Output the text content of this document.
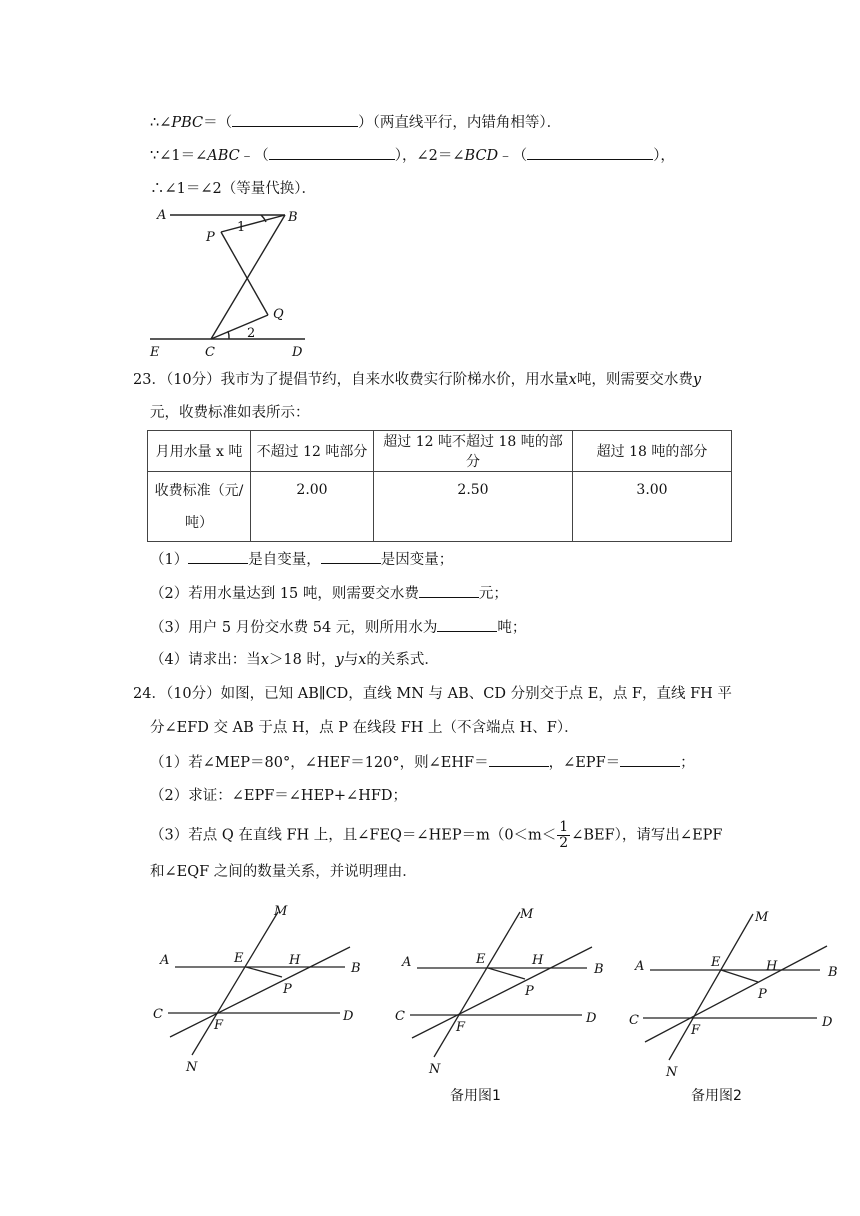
∴∠PBC＝（	）（两直线平行，内错角相等）．
∵∠1＝∠ABC﹣（	），∠2＝∠BCD﹣（	），
∴∠1＝∠2（等量代换）．
A	B
P
1
Q
2
E	C	D
23．（10分）我市为了提倡节约，自来水收费实行阶梯水价，用水量x吨，则需要交水费y
元，收费标准如表所示：
月用水量 x 吨	不超过 12 吨部分	超过 12 吨不超过 18 吨的部分	超过 18 吨的部分

收费标准（元/
吨）	2.00	2.50	3.00
（1）	是自变量，	是因变量；
（2）若用水量达到 15 吨，则需要交水费	元；
（3）用户 5 月份交水费 54 元，则所用水为	吨；
（4）请求出：当x＞18 时，y与x的关系式．
24．（10分）如图，已知 AB∥CD，直线 MN 与 AB、CD 分别交于点 E，点 F，直线 FH 平
分∠EFD 交 AB 于点 H，点 P 在线段 FH 上（不含端点 H、F）．
（1）若∠MEP＝80°，∠HEF＝120°，则∠EHF＝	，∠EPF＝	；
（2）求证：∠EPF＝∠HEP+∠HFD；
（3）若点 Q 在直线 FH 上，且∠FEQ＝∠HEP＝m（0＜m＜ $\frac{1}{2}$ ∠BEF），请写出∠EPF
和∠EQF 之间的数量关系，并说明理由．
M
A	E	H
B
P
C
F
D
N
M
A	E	H
B
P
C
F
D
N
备用图1
M
A	E	H	B
P
C
F
D
N
备用图2
